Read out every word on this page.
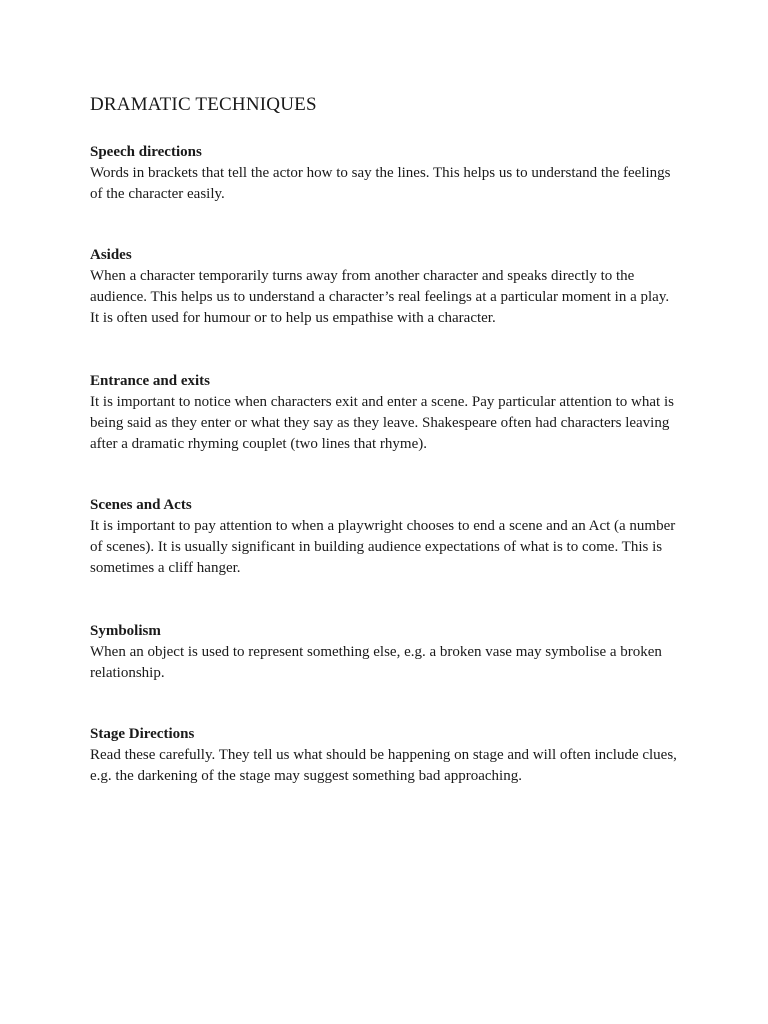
DRAMATIC TECHNIQUES

Speech directions

Words in brackets that tell the actor how to say the lines. This helps us to understand the feelings of the character easily.

Asides

When a character temporarily turns away from another character and speaks directly to the audience. This helps us to understand a character’s real feelings at a particular moment in a play. It is often used for humour or to help us empathise with a character.

Entrance and exits

It is important to notice when characters exit and enter a scene. Pay particular attention to what is being said as they enter or what they say as they leave. Shakespeare often had characters leaving after a dramatic rhyming couplet (two lines that rhyme).

Scenes and Acts

It is important to pay attention to when a playwright chooses to end a scene and an Act (a number of scenes). It is usually significant in building audience expectations of what is to come. This is sometimes a cliff hanger.

Symbolism

When an object is used to represent something else, e.g. a broken vase may symbolise a broken relationship.

Stage Directions

Read these carefully. They tell us what should be happening on stage and will often include clues, e.g. the darkening of the stage may suggest something bad approaching.
